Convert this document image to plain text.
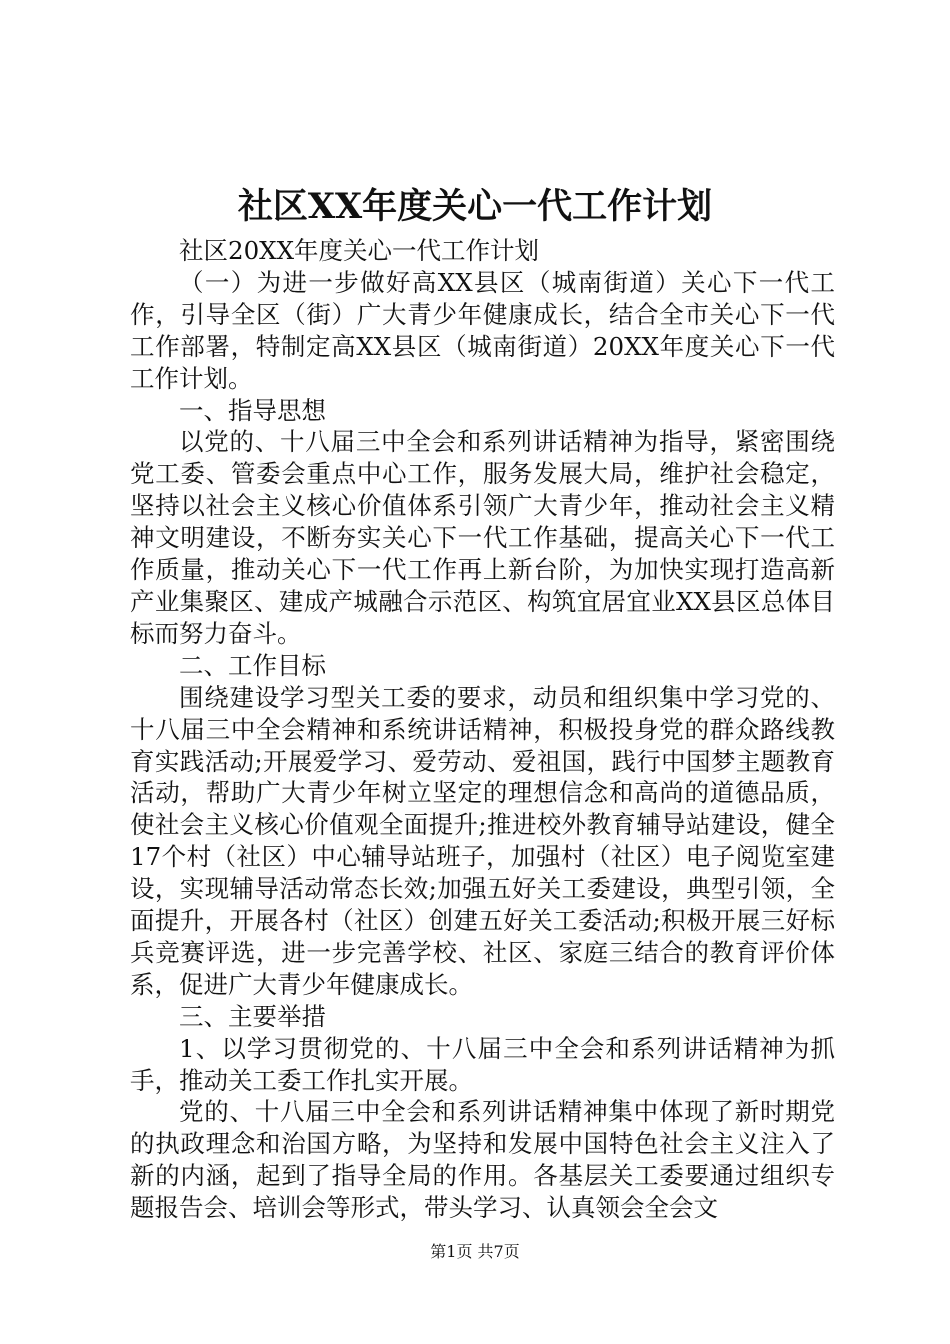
社区XX年度关心一代工作计划

社区20XX年度关心一代工作计划

（一）为进一步做好高XX县区（城南街道）关心下一代工作，引导全区（街）广大青少年健康成长，结合全市关心下一代工作部署，特制定高XX县区（城南街道）20XX年度关心下一代工作计划。

一、指导思想

以党的、十八届三中全会和系列讲话精神为指导，紧密围绕党工委、管委会重点中心工作，服务发展大局，维护社会稳定，坚持以社会主义核心价值体系引领广大青少年，推动社会主义精神文明建设，不断夯实关心下一代工作基础，提高关心下一代工作质量，推动关心下一代工作再上新台阶，为加快实现打造高新产业集聚区、建成产城融合示范区、构筑宜居宜业XX县区总体目标而努力奋斗。

二、工作目标

围绕建设学习型关工委的要求，动员和组织集中学习党的、十八届三中全会精神和系统讲话精神，积极投身党的群众路线教育实践活动;开展爱学习、爱劳动、爱祖国，践行中国梦主题教育活动，帮助广大青少年树立坚定的理想信念和高尚的道德品质，使社会主义核心价值观全面提升;推进校外教育辅导站建设，健全17个村（社区）中心辅导站班子，加强村（社区）电子阅览室建设，实现辅导活动常态长效;加强五好关工委建设，典型引领，全面提升，开展各村（社区）创建五好关工委活动;积极开展三好标兵竞赛评选，进一步完善学校、社区、家庭三结合的教育评价体系，促进广大青少年健康成长。

三、主要举措

1、以学习贯彻党的、十八届三中全会和系列讲话精神为抓手，推动关工委工作扎实开展。

党的、十八届三中全会和系列讲话精神集中体现了新时期党的执政理念和治国方略，为坚持和发展中国特色社会主义注入了新的内涵，起到了指导全局的作用。各基层关工委要通过组织专题报告会、培训会等形式，带头学习、认真领会全会文

第1页 共7页
